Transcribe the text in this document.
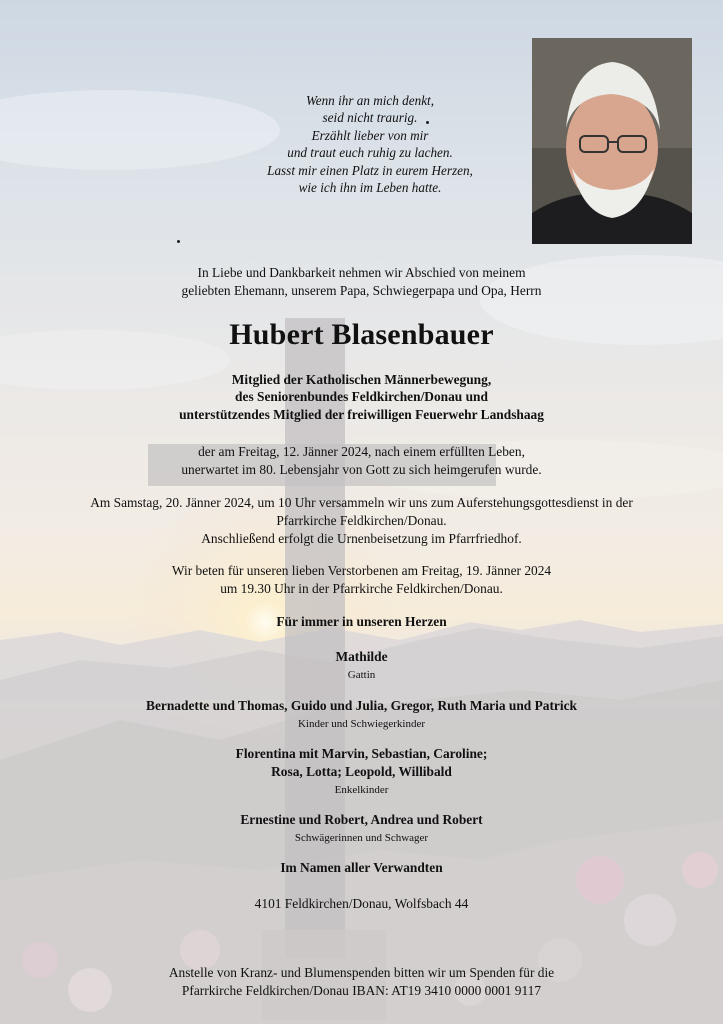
Wenn ihr an mich denkt,
seid nicht traurig.
Erzählt lieber von mir
und traut euch ruhig zu lachen.
Lasst mir einen Platz in eurem Herzen,
wie ich ihn im Leben hatte.
In Liebe und Dankbarkeit nehmen wir Abschied von meinem
geliebten Ehemann, unserem Papa, Schwiegerpapa und Opa, Herrn
Hubert Blasenbauer
Mitglied der Katholischen Männerbewegung,
des Seniorenbundes Feldkirchen/Donau und
unterstützendes Mitglied der freiwilligen Feuerwehr Landshaag
der am Freitag, 12. Jänner 2024, nach einem erfüllten Leben,
unerwartet im 80. Lebensjahr von Gott zu sich heimgerufen wurde.
Am Samstag, 20. Jänner 2024, um 10 Uhr versammeln wir uns zum Auferstehungsgottesdienst in der
Pfarrkirche Feldkirchen/Donau.
Anschließend erfolgt die Urnenbeisetzung im Pfarrfriedhof.
Wir beten für unseren lieben Verstorbenen am Freitag, 19. Jänner 2024
um 19.30 Uhr in der Pfarrkirche Feldkirchen/Donau.
Für immer in unseren Herzen
Mathilde
Gattin
Bernadette und Thomas, Guido und Julia, Gregor, Ruth Maria und Patrick
Kinder und Schwiegerkinder
Florentina mit Marvin, Sebastian, Caroline;
Rosa, Lotta; Leopold, Willibald
Enkelkinder
Ernestine und Robert, Andrea und Robert
Schwägerinnen und Schwager
Im Namen aller Verwandten
4101 Feldkirchen/Donau, Wolfsbach 44
Anstelle von Kranz- und Blumenspenden bitten wir um Spenden für die
Pfarrkirche Feldkirchen/Donau IBAN: AT19 3410 0000 0001 9117
